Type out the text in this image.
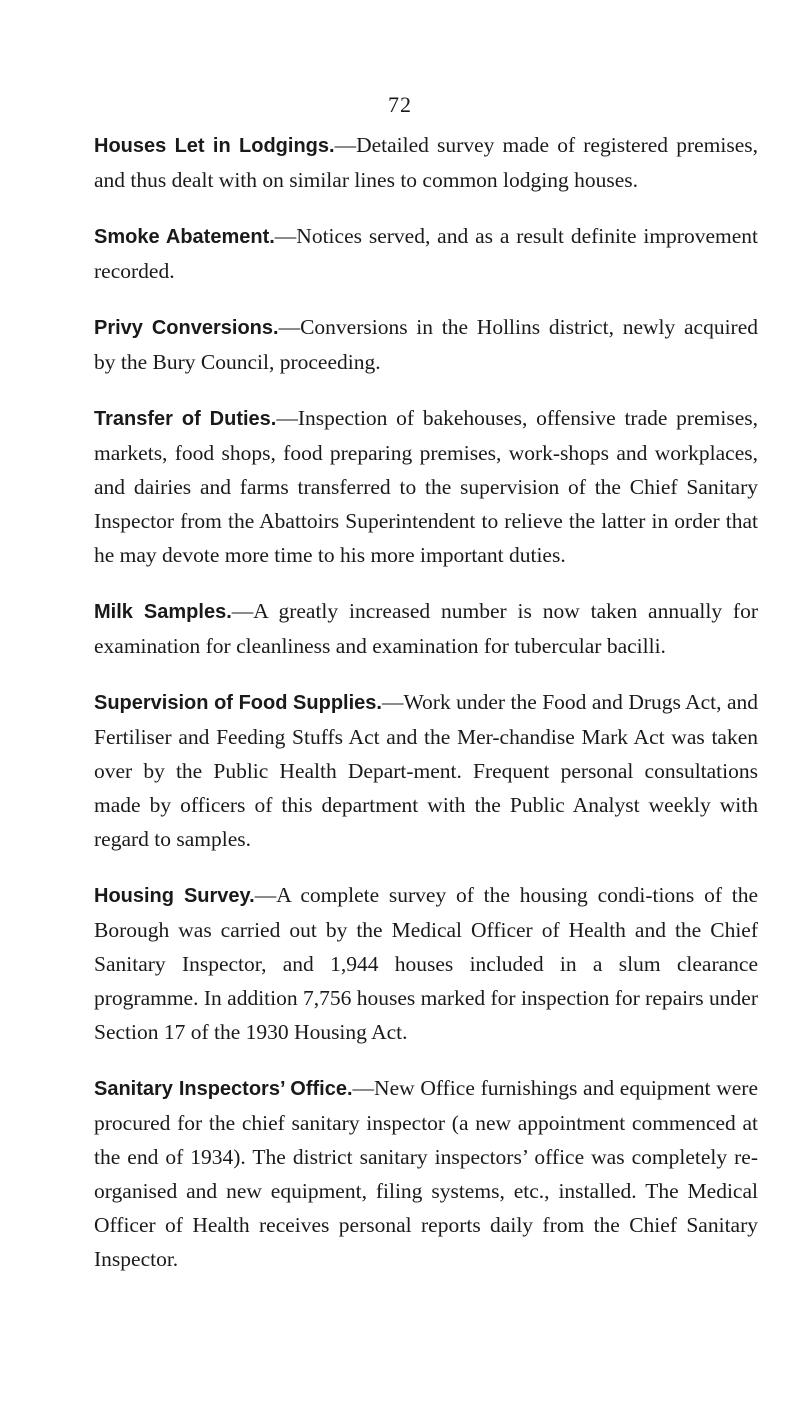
72

Houses Let in Lodgings.—Detailed survey made of registered premises, and thus dealt with on similar lines to common lodging houses.

Smoke Abatement.—Notices served, and as a result definite improvement recorded.

Privy Conversions.—Conversions in the Hollins district, newly acquired by the Bury Council, proceeding.

Transfer of Duties.—Inspection of bakehouses, offensive trade premises, markets, food shops, food preparing premises, work-shops and workplaces, and dairies and farms transferred to the supervision of the Chief Sanitary Inspector from the Abattoirs Superintendent to relieve the latter in order that he may devote more time to his more important duties.

Milk Samples.—A greatly increased number is now taken annually for examination for cleanliness and examination for tubercular bacilli.

Supervision of Food Supplies.—Work under the Food and Drugs Act, and Fertiliser and Feeding Stuffs Act and the Mer-chandise Mark Act was taken over by the Public Health Depart-ment. Frequent personal consultations made by officers of this department with the Public Analyst weekly with regard to samples.

Housing Survey.—A complete survey of the housing condi-tions of the Borough was carried out by the Medical Officer of Health and the Chief Sanitary Inspector, and 1,944 houses included in a slum clearance programme. In addition 7,756 houses marked for inspection for repairs under Section 17 of the 1930 Housing Act.

Sanitary Inspectors’ Office.—New Office furnishings and equipment were procured for the chief sanitary inspector (a new appointment commenced at the end of 1934). The district sanitary inspectors’ office was completely re-organised and new equipment, filing systems, etc., installed. The Medical Officer of Health receives personal reports daily from the Chief Sanitary Inspector.
